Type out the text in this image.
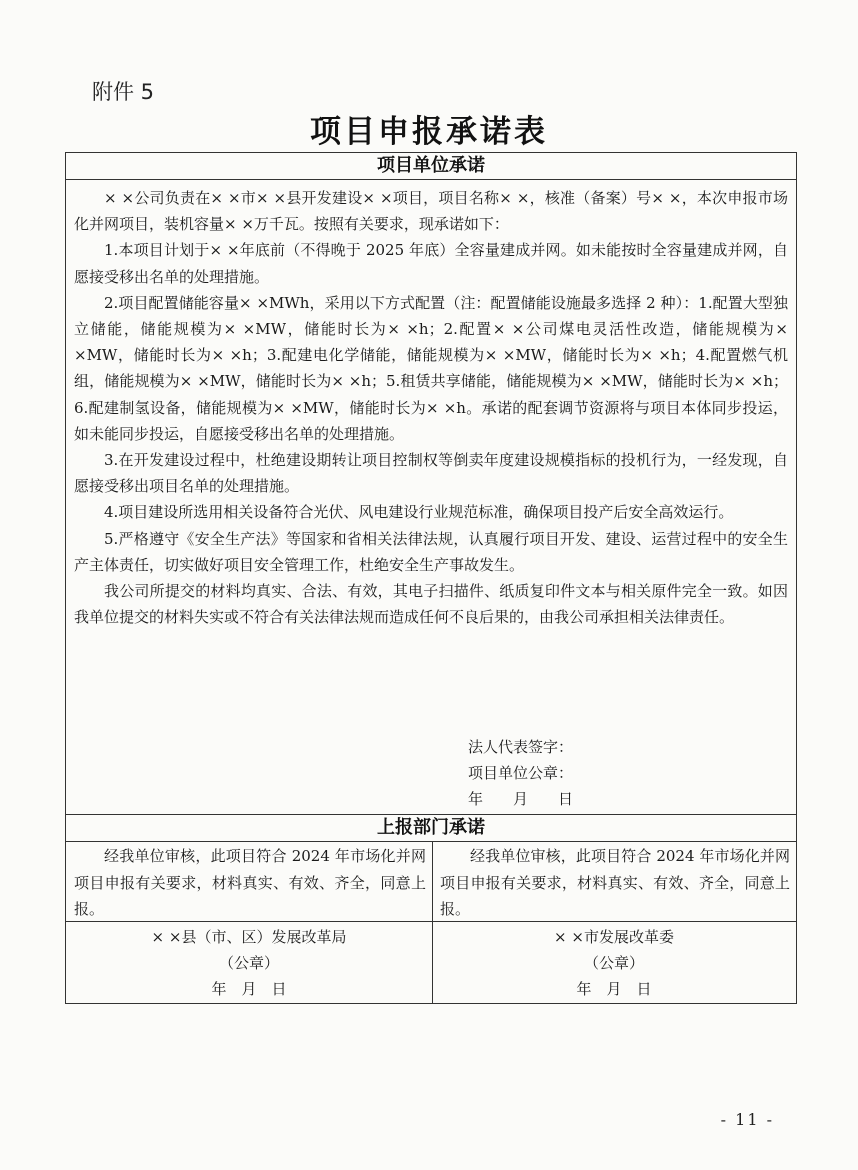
附件 5
项目申报承诺表
项目单位承诺

× ×公司负责在× ×市× ×县开发建设× ×项目，项目名称× ×，核准（备案）号× ×，本次申报市场化并网项目，装机容量× ×万千瓦。按照有关要求，现承诺如下：

1.本项目计划于× ×年底前（不得晚于 2025 年底）全容量建成并网。如未能按时全容量建成并网，自愿接受移出名单的处理措施。

2.项目配置储能容量× ×MWh，采用以下方式配置（注：配置储能设施最多选择 2 种）：1.配置大型独立储能，储能规模为× ×MW，储能时长为× ×h；2.配置× ×公司煤电灵活性改造，储能规模为× ×MW，储能时长为× ×h；3.配建电化学储能，储能规模为× ×MW，储能时长为× ×h；4.配置燃气机组，储能规模为× ×MW，储能时长为× ×h；5.租赁共享储能，储能规模为× ×MW，储能时长为× ×h；6.配建制氢设备，储能规模为× ×MW，储能时长为× ×h。承诺的配套调节资源将与项目本体同步投运，如未能同步投运，自愿接受移出名单的处理措施。

3.在开发建设过程中，杜绝建设期转让项目控制权等倒卖年度建设规模指标的投机行为，一经发现，自愿接受移出项目名单的处理措施。

4.项目建设所选用相关设备符合光伏、风电建设行业规范标准，确保项目投产后安全高效运行。

5.严格遵守《安全生产法》等国家和省相关法律法规，认真履行项目开发、建设、运营过程中的安全生产主体责任，切实做好项目安全管理工作，杜绝安全生产事故发生。

我公司所提交的材料均真实、合法、有效，其电子扫描件、纸质复印件文本与相关原件完全一致。如因我单位提交的材料失实或不符合有关法律法规而造成任何不良后果的，由我公司承担相关法律责任。

法人代表签字：
项目单位公章：
年　　月　　日
上报部门承诺

经我单位审核，此项目符合 2024 年市场化并网项目申报有关要求，材料真实、有效、齐全，同意上报。

经我单位审核，此项目符合 2024 年市场化并网项目申报有关要求，材料真实、有效、齐全，同意上报。

× ×县（市、区）发展改革局
（公章）
年　月　日
× ×市发展改革委
（公章）
年　月　日
- 11 -
